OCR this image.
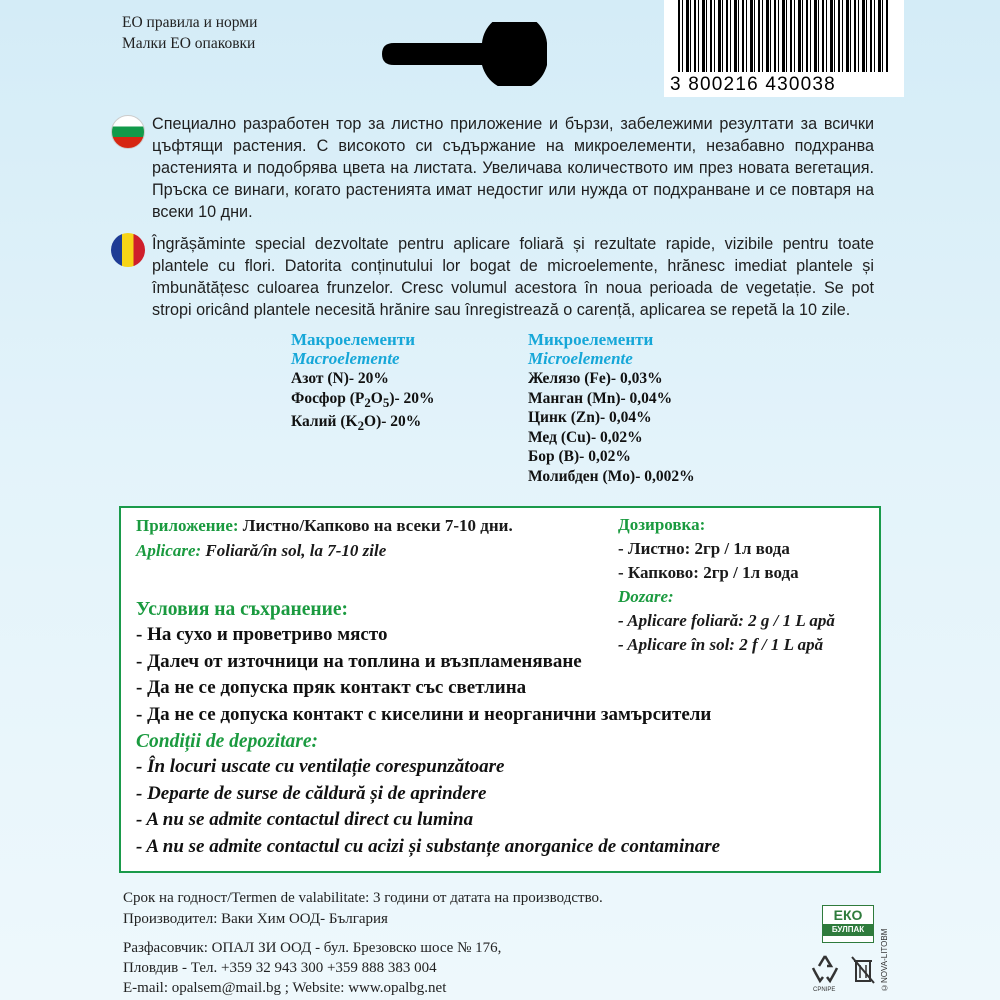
ЕО правила и норми
Малки ЕО опаковки
3 800216 430038
Специално разработен тор за листно приложение и бързи, забележими резултати за всички цъфтящи растения. С високото си съдържание на микроелементи, незабавно подхранва растенията и подобрява цвета на листата. Увеличава количеството им през новата вегетация. Пръска се винаги, когато растенията имат недостиг или нужда от подхранване и се повтаря на всеки 10 дни.
Îngrășăminte special dezvoltate pentru aplicare foliară și rezultate rapide, vizibile pentru toate plantele cu flori. Datorita conținutului lor bogat de microelemente, hrănesc imediat plantele și îmbunătățesc culoarea frunzelor. Cresc volumul acestora în noua perioada de vegetație. Se pot stropi oricând plantele necesită hrănire sau înregistrează o carență, aplicarea se repetă la 10 zile.
Макроелементи
Macroelemente
Азот (N)- 20%
Фосфор $(P_2O_5)-$ 20%
Калий $(K_2O)-$ 20%
Микроелементи
Microelemente
Желязо (Fe)- 0,03%
Манган (Mn)- 0,04%
Цинк (Zn)- 0,04%
Мед (Cu)- 0,02%
Бор (B)- 0,02%
Молибден (Mo)- 0,002%
Приложение: Листно/Капково на всеки 7-10 дни.
Aplicare: Foliară/în sol, la 7-10 zile
Дозировка:
- Листно: 2гр / 1л вода
- Капково: 2гр / 1л вода
Dozare:
- Aplicare foliară: 2 g / 1 L apă
- Aplicare în sol: 2 f / 1 L apă
Условия на съхранение:
- На сухо и проветриво място
- Далеч от източници на топлина и възпламеняване
- Да не се допуска пряк контакт със светлина
- Да не се допуска контакт с киселини и неорганични замърсители
Condiții de depozitare:
- În locuri uscate cu ventilație corespunzătoare
- Departe de surse de căldură și de aprindere
- A nu se admite contactul direct cu lumina
- A nu se admite contactul cu acizi și substanțe anorganice de contaminare
Срок на годност/Termen de valabilitate: 3 години от датата на производство.
Производител: Ваки Хим ООД- България
Разфасовчик: ОПАЛ ЗИ ООД - бул. Брезовско шосе № 176,
Пловдив - Тел. +359 32 943 300 +359 888 383 004
E-mail: opalsem@mail.bg ; Website: www.opalbg.net
ЕКО
БУЛПАК	©NOVA-LITOBM
CPNIPE
